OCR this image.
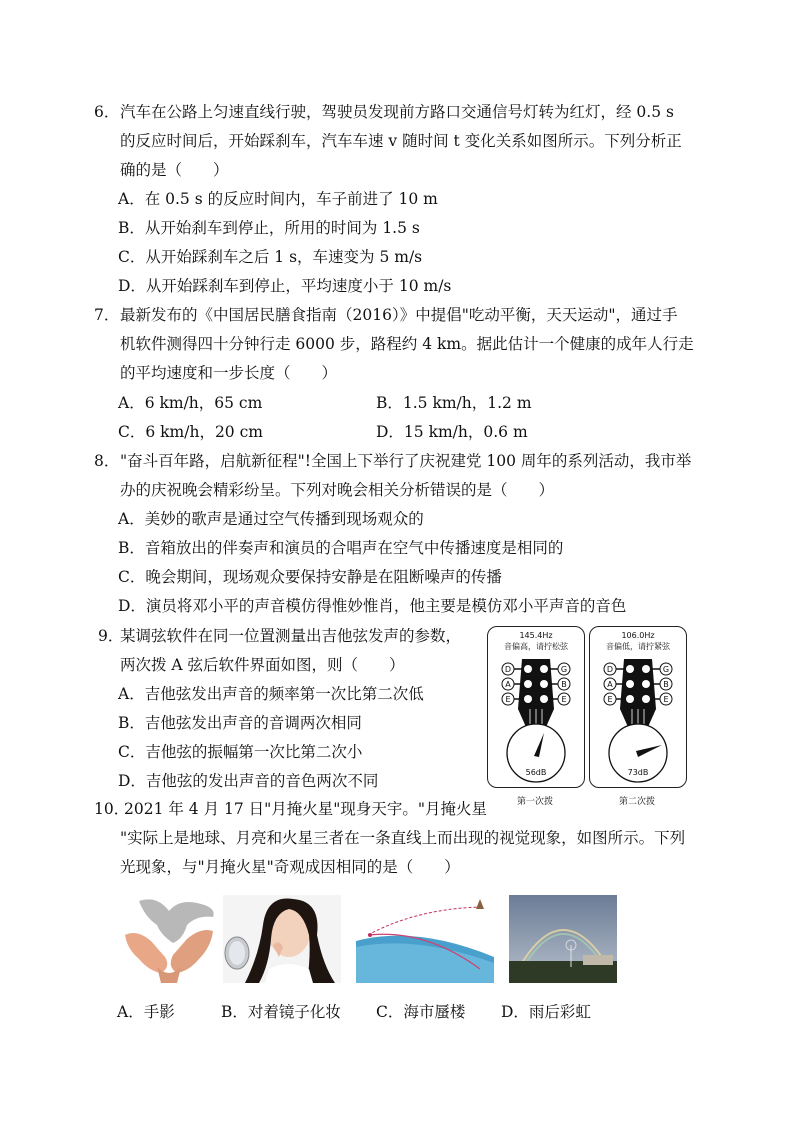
6． 汽车在公路上匀速直线行驶，驾驶员发现前方路口交通信号灯转为红灯，经 0.5 s
的反应时间后，开始踩刹车，汽车车速 v 随时间 t 变化关系如图所示。下列分析正
确的是（　　）
A．在 0.5 s 的反应时间内，车子前进了 10 m
B．从开始刹车到停止，所用的时间为 1.5 s
C．从开始踩刹车之后 1 s，车速变为 5 m/s
D．从开始踩刹车到停止，平均速度小于 10 m/s
7． 最新发布的《中国居民膳食指南（2016）》中提倡"吃动平衡，天天运动"，通过手
机软件测得四十分钟行走 6000 步，路程约 4 km。据此估计一个健康的成年人行走
的平均速度和一步长度（　　）
A．6 km/h，65 cm	B．1.5 km/h，1.2 m
C．6 km/h，20 cm	D．15 km/h，0.6 m
8． "奋斗百年路，启航新征程"!全国上下举行了庆祝建党 100 周年的系列活动，我市举
办的庆祝晚会精彩纷呈。下列对晚会相关分析错误的是（　　）
A．美妙的歌声是通过空气传播到现场观众的
B．音箱放出的伴奏声和演员的合唱声在空气中传播速度是相同的
C．晚会期间，现场观众要保持安静是在阻断噪声的传播
D．演员将邓小平的声音模仿得惟妙惟肖，他主要是模仿邓小平声音的音色
9．
某调弦软件在同一位置测量出吉他弦发声的参数，
两次拨 A 弦后软件界面如图，则（　　）
A．吉他弦发出声音的频率第一次比第二次低
B．吉他弦发出声音的音调两次相同
C．吉他弦的振幅第一次比第二次小
D．吉他弦的发出声音的音色两次不同
145.4Hz
音偏高，请拧松弦
D
A
E
G
B
E
56dB
106.0Hz
音偏低，请拧紧弦
D
A
E
G
B
E
73dB
第一次拨	第二次拨
10．
2021 年 4 月 17 日"月掩火星"现身天宇。"月掩火星
"实际上是地球、月亮和火星三者在一条直线上而出现的视觉现象，如图所示。下列
光现象，与"月掩火星"奇观成因相同的是（　　）
A．手影	B．对着镜子化妆 C．海市蜃楼 D．雨后彩虹
